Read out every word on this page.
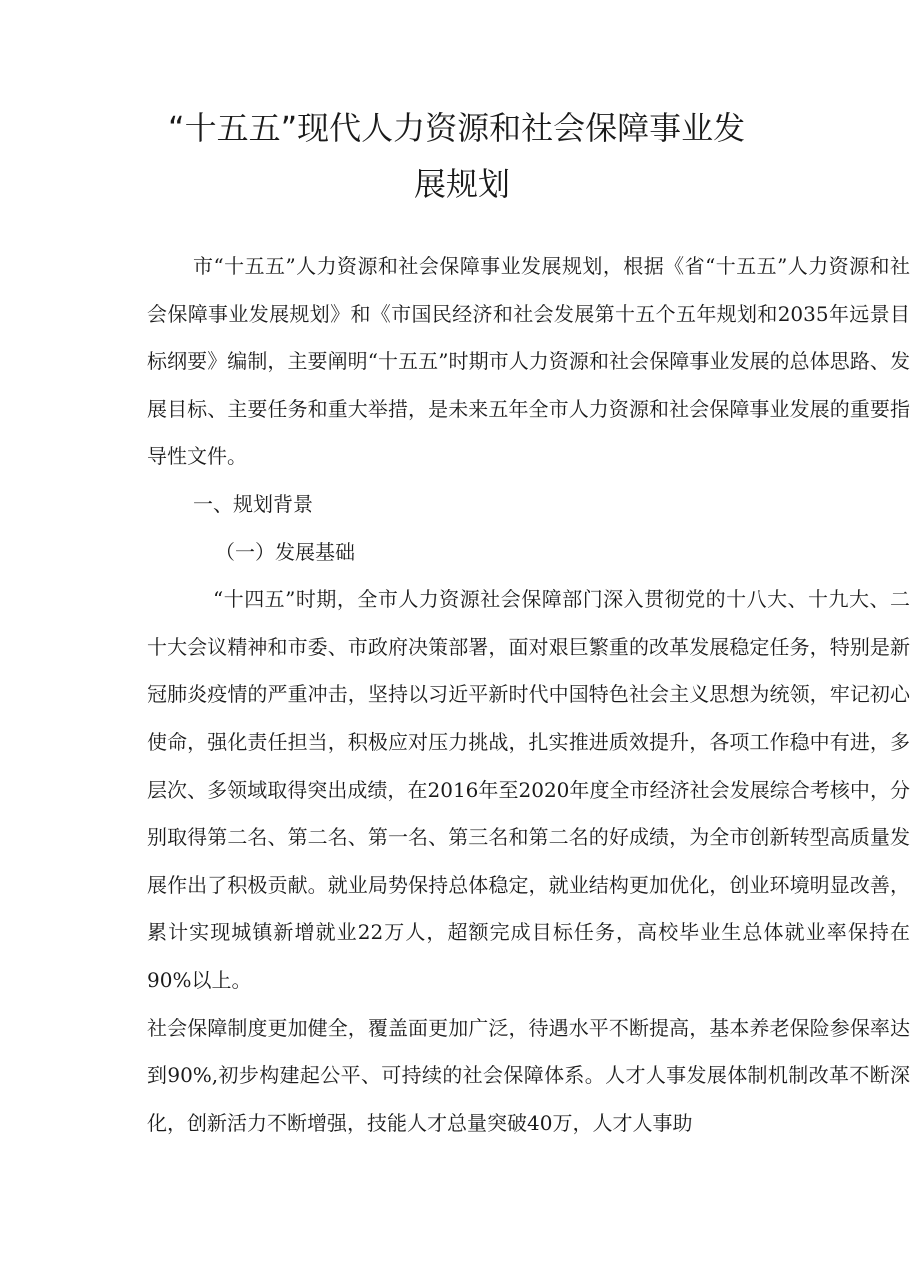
“十五五”现代人力资源和社会保障事业发
展规划

市“十五五”人力资源和社会保障事业发展规划，根据《省“十五五”人力资源和社会保障事业发展规划》和《市国民经济和社会发展第十五个五年规划和2035年远景目标纲要》编制，主要阐明“十五五”时期市人力资源和社会保障事业发展的总体思路、发展目标、主要任务和重大举措，是未来五年全市人力资源和社会保障事业发展的重要指导性文件。

一、规划背景

（一）发展基础

“十四五”时期，全市人力资源社会保障部门深入贯彻党的十八大、十九大、二十大会议精神和市委、市政府决策部署，面对艰巨繁重的改革发展稳定任务，特别是新冠肺炎疫情的严重冲击，坚持以习近平新时代中国特色社会主义思想为统领，牢记初心使命，强化责任担当，积极应对压力挑战，扎实推进质效提升，各项工作稳中有进，多层次、多领域取得突出成绩，在2016年至2020年度全市经济社会发展综合考核中，分别取得第二名、第二名、第一名、第三名和第二名的好成绩，为全市创新转型高质量发展作出了积极贡献。就业局势保持总体稳定，就业结构更加优化，创业环境明显改善，累计实现城镇新增就业22万人，超额完成目标任务，高校毕业生总体就业率保持在90%以上。

社会保障制度更加健全，覆盖面更加广泛，待遇水平不断提高，基本养老保险参保率达到90%,初步构建起公平、可持续的社会保障体系。人才人事发展体制机制改革不断深化，创新活力不断增强，技能人才总量突破40万，人才人事助
